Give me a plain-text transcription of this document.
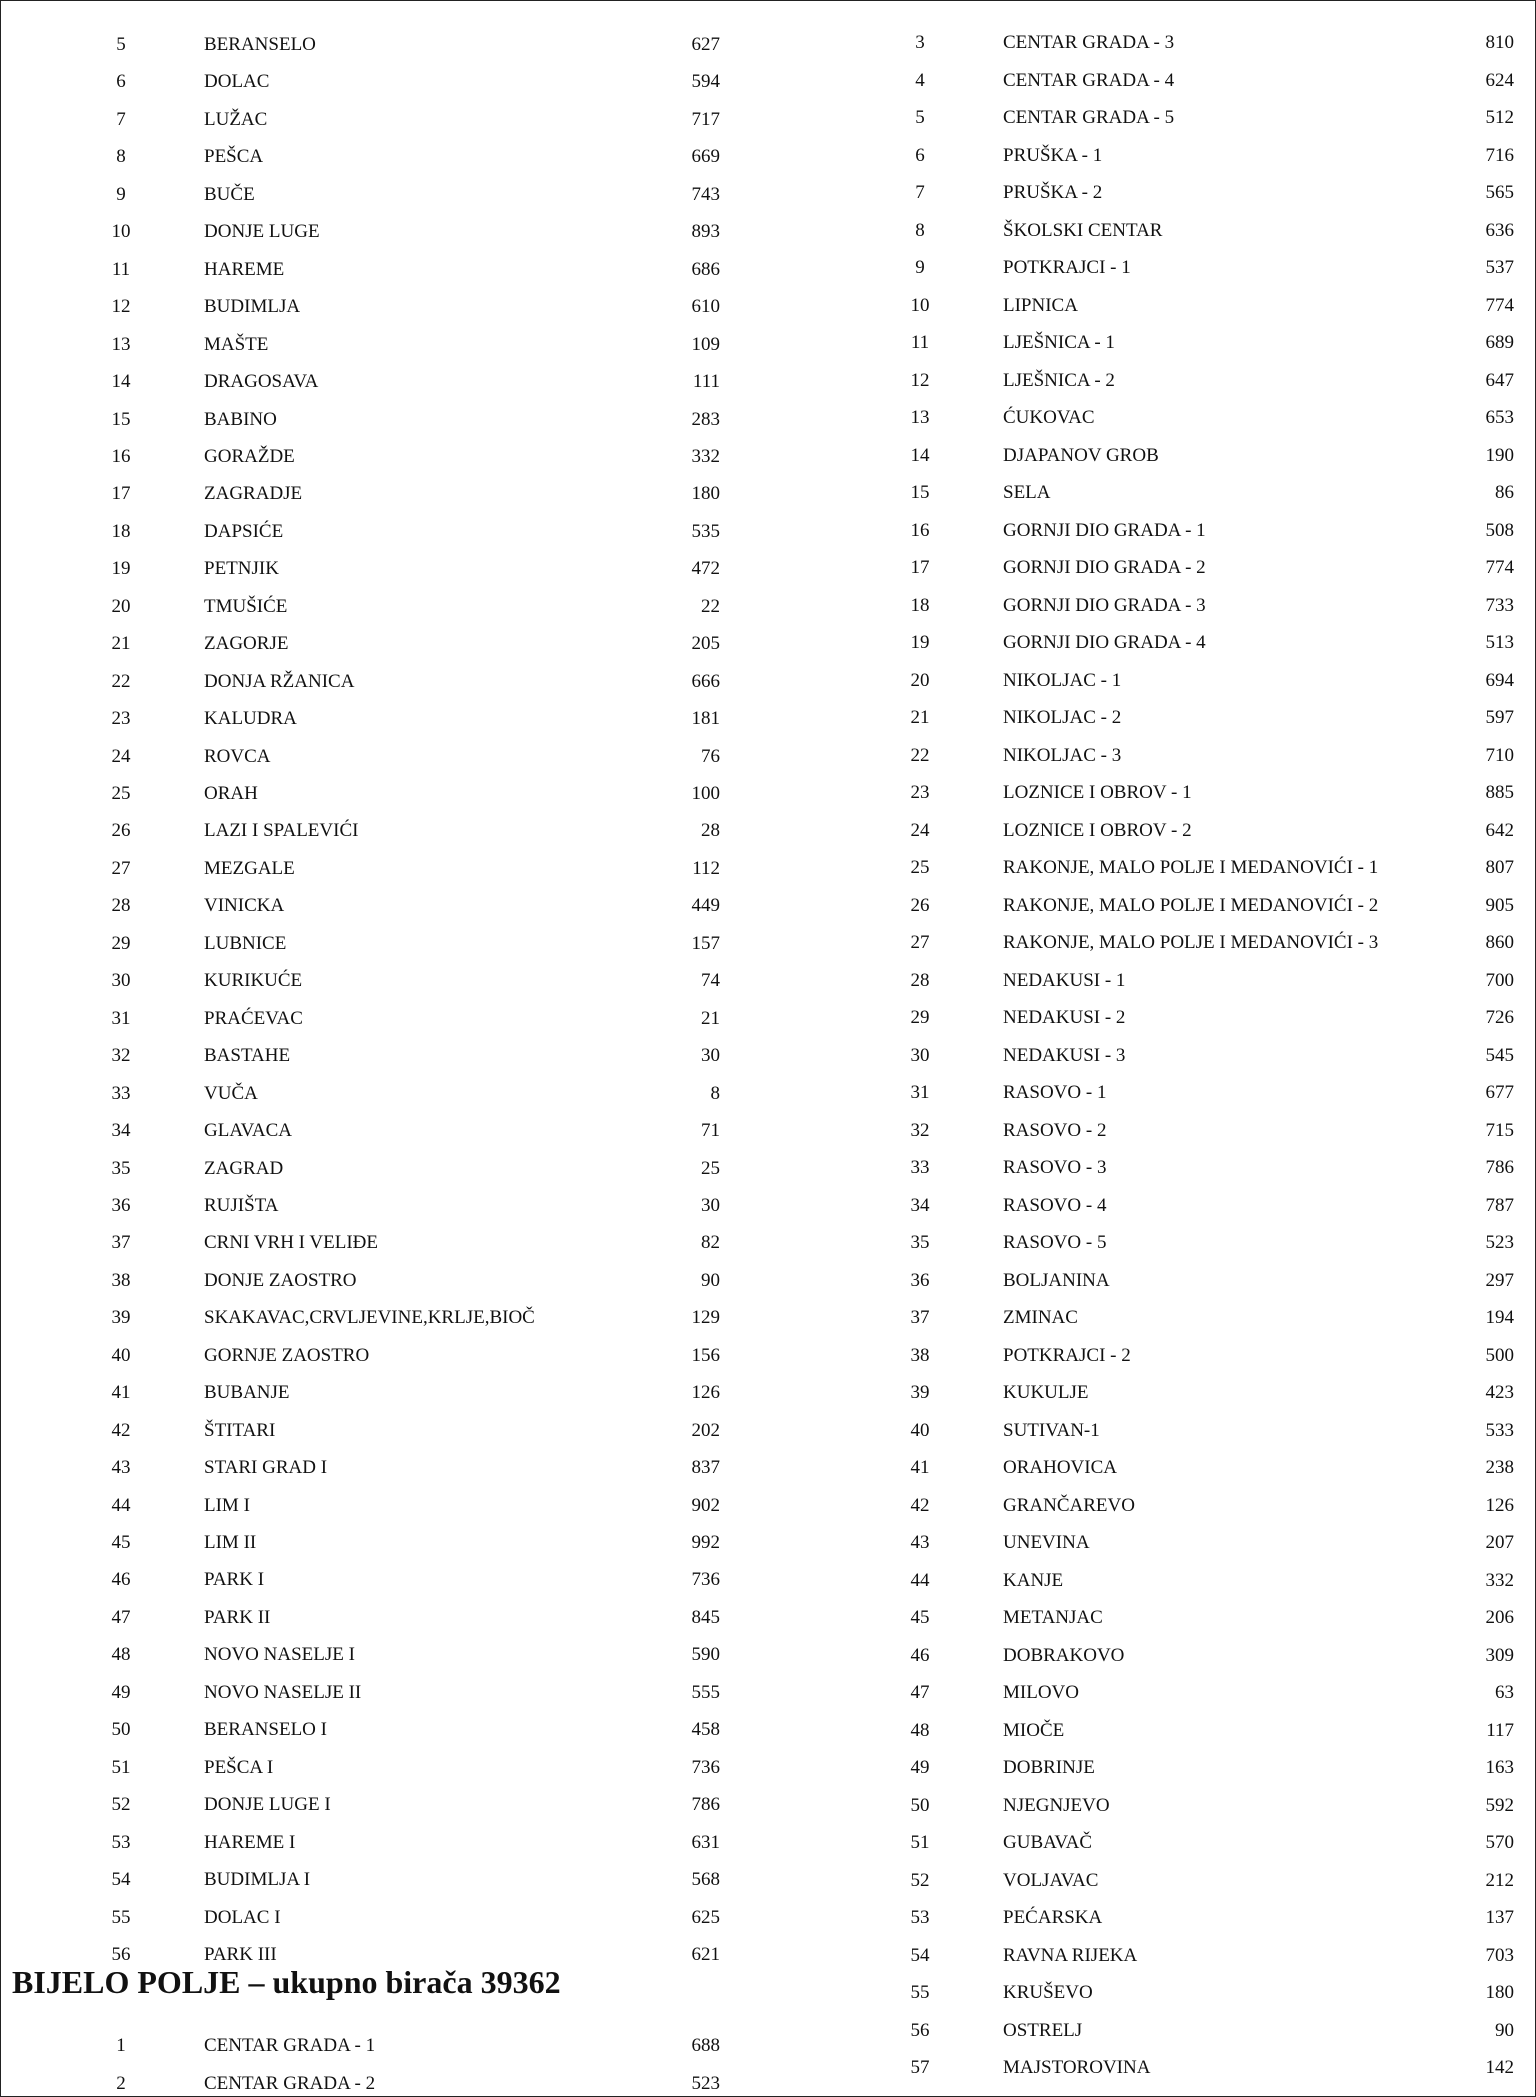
5	BERANSELO	627
6	DOLAC	594
7	LUŽAC	717
8	PEŠCA	669
9	BUČE	743
10	DONJE LUGE	893
11	HAREME	686
12	BUDIMLJA	610
13	MAŠTE	109
14	DRAGOSAVA	111
15	BABINO	283
16	GORAŽDE	332
17	ZAGRADJE	180
18	DAPSIĆE	535
19	PETNJIK	472
20	TMUŠIĆE	22
21	ZAGORJE	205
22	DONJA RŽANICA	666
23	KALUDRA	181
24	ROVCA	76
25	ORAH	100
26	LAZI I SPALEVIĆI	28
27	MEZGALE	112
28	VINICKA	449
29	LUBNICE	157
30	KURIKUĆE	74
31	PRAĆEVAC	21
32	BASTAHE	30
33	VUČA	8
34	GLAVACA	71
35	ZAGRAD	25
36	RUJIŠTA	30
37	CRNI VRH I VELIĐE	82
38	DONJE ZAOSTRO	90
39	SKAKAVAC,CRVLJEVINE,KRLJE,BIOČ	129
40	GORNJE ZAOSTRO	156
41	BUBANJE	126
42	ŠTITARI	202
43	STARI GRAD I	837
44	LIM I	902
45	LIM II	992
46	PARK I	736
47	PARK II	845
48	NOVO NASELJE I	590
49	NOVO NASELJE II	555
50	BERANSELO I	458
51	PEŠCA I	736
52	DONJE LUGE I	786
53	HAREME I	631
54	BUDIMLJA I	568
55	DOLAC I	625
56	PARK III	621
BIJELO POLJE – ukupno birača 39362
1	CENTAR GRADA - 1	688
2	CENTAR GRADA - 2	523
3	CENTAR GRADA - 3	810
4	CENTAR GRADA - 4	624
5	CENTAR GRADA - 5	512
6	PRUŠKA - 1	716
7	PRUŠKA - 2	565
8	ŠKOLSKI CENTAR	636
9	POTKRAJCI - 1	537
10	LIPNICA	774
11	LJEŠNICA - 1	689
12	LJEŠNICA - 2	647
13	ĆUKOVAC	653
14	DJAPANOV GROB	190
15	SELA	86
16	GORNJI DIO GRADA - 1	508
17	GORNJI DIO GRADA - 2	774
18	GORNJI DIO GRADA - 3	733
19	GORNJI DIO GRADA - 4	513
20	NIKOLJAC - 1	694
21	NIKOLJAC - 2	597
22	NIKOLJAC - 3	710
23	LOZNICE I OBROV - 1	885
24	LOZNICE I OBROV - 2	642
25	RAKONJE, MALO POLJE I MEDANOVIĆI - 1	807
26	RAKONJE, MALO POLJE I MEDANOVIĆI - 2	905
27	RAKONJE, MALO POLJE I MEDANOVIĆI - 3	860
28	NEDAKUSI - 1	700
29	NEDAKUSI - 2	726
30	NEDAKUSI - 3	545
31	RASOVO - 1	677
32	RASOVO - 2	715
33	RASOVO - 3	786
34	RASOVO - 4	787
35	RASOVO - 5	523
36	BOLJANINA	297
37	ZMINAC	194
38	POTKRAJCI - 2	500
39	KUKULJE	423
40	SUTIVAN-1	533
41	ORAHOVICA	238
42	GRANČAREVO	126
43	UNEVINA	207
44	KANJE	332
45	METANJAC	206
46	DOBRAKOVO	309
47	MILOVO	63
48	MIOČE	117
49	DOBRINJE	163
50	NJEGNJEVO	592
51	GUBAVAČ	570
52	VOLJAVAC	212
53	PEĆARSKA	137
54	RAVNA RIJEKA	703
55	KRUŠEVO	180
56	OSTRELJ	90
57	MAJSTOROVINA	142
